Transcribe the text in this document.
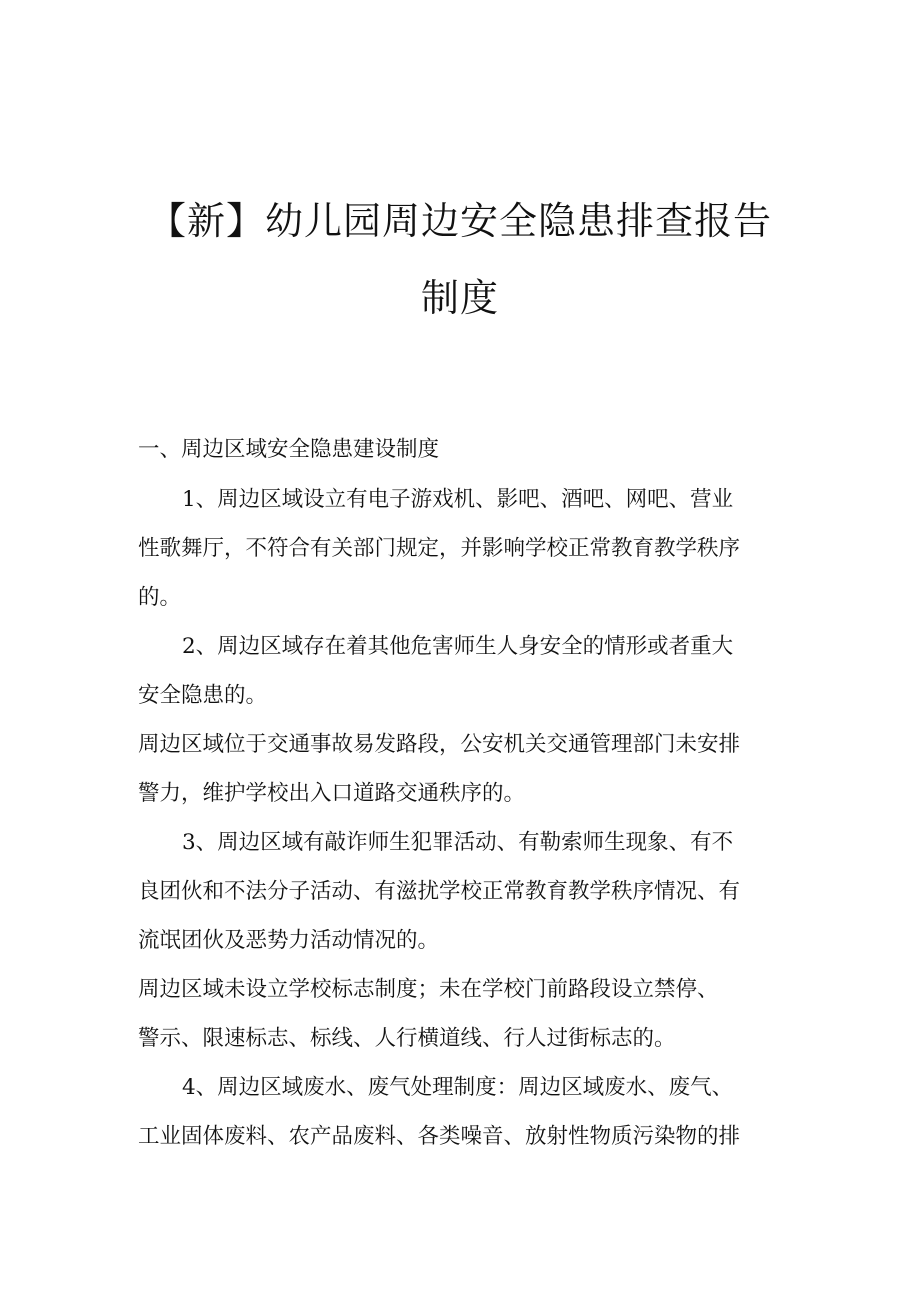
【新】幼儿园周边安全隐患排查报告
制度
一、周边区域安全隐患建设制度
1、周边区域设立有电子游戏机、影吧、酒吧、网吧、营业
性歌舞厅，不符合有关部门规定，并影响学校正常教育教学秩序
的。
2、周边区域存在着其他危害师生人身安全的情形或者重大
安全隐患的。
周边区域位于交通事故易发路段，公安机关交通管理部门未安排
警力，维护学校出入口道路交通秩序的。
3、周边区域有敲诈师生犯罪活动、有勒索师生现象、有不
良团伙和不法分子活动、有滋扰学校正常教育教学秩序情况、有
流氓团伙及恶势力活动情况的。
周边区域未设立学校标志制度；未在学校门前路段设立禁停、
警示、限速标志、标线、人行横道线、行人过街标志的。
4、周边区域废水、废气处理制度：周边区域废水、废气、
工业固体废料、农产品废料、各类噪音、放射性物质污染物的排
